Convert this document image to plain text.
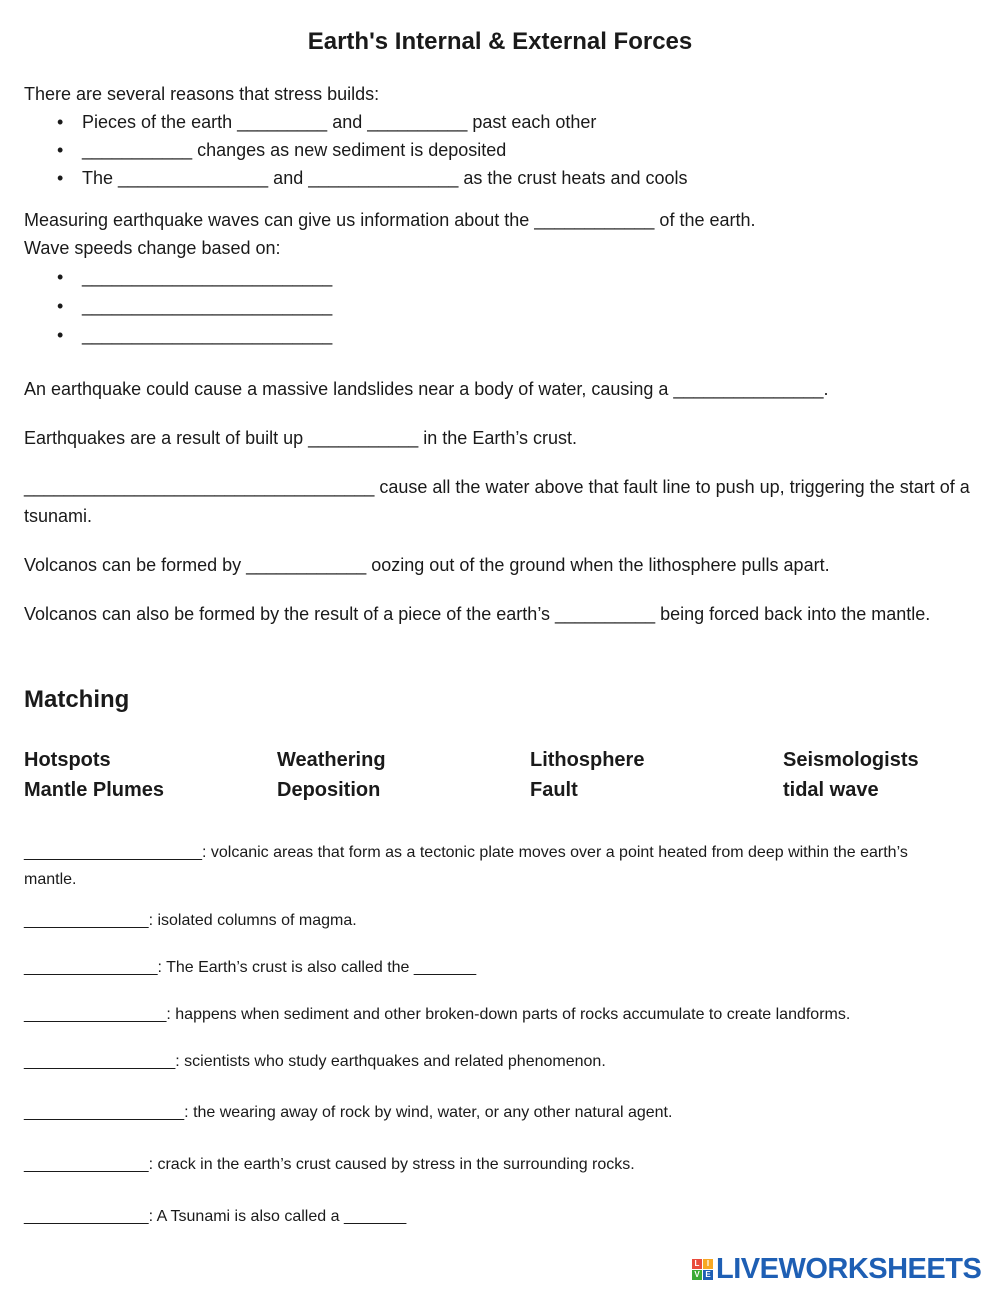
Earth's Internal & External Forces
There are several reasons that stress builds:
• Pieces of the earth _________ and __________ past each other
• ___________ changes as new sediment is deposited
• The _______________ and _______________ as the crust heats and cools
Measuring earthquake waves can give us information about the ____________ of the earth.
Wave speeds change based on:
• _________________________
• _________________________
• _________________________
An earthquake could cause a massive landslides near a body of water, causing a _______________.
Earthquakes are a result of built up ___________ in the Earth’s crust.
___________________________________ cause all the water above that fault line to push up, triggering the start of a tsunami.
Volcanos can be formed by ____________ oozing out of the ground when the lithosphere pulls apart.
Volcanos can also be formed by the result of a piece of the earth’s __________ being forced back into the mantle.
Matching
Hotspots	Weathering	Lithosphere	Seismologists
Mantle Plumes	Deposition	Fault	tidal wave
____________________: volcanic areas that form as a tectonic plate moves over a point heated from deep within the earth’s mantle.
______________: isolated columns of magma.
_______________: The Earth’s crust is also called the _______
________________: happens when sediment and other broken-down parts of rocks accumulate to create landforms.
_________________: scientists who study earthquakes and related phenomenon.
__________________: the wearing away of rock by wind, water, or any other natural agent.
______________: crack in the earth’s crust caused by stress in the surrounding rocks.
______________: A Tsunami is also called a _______
L I
V E LIVEWORKSHEETS
